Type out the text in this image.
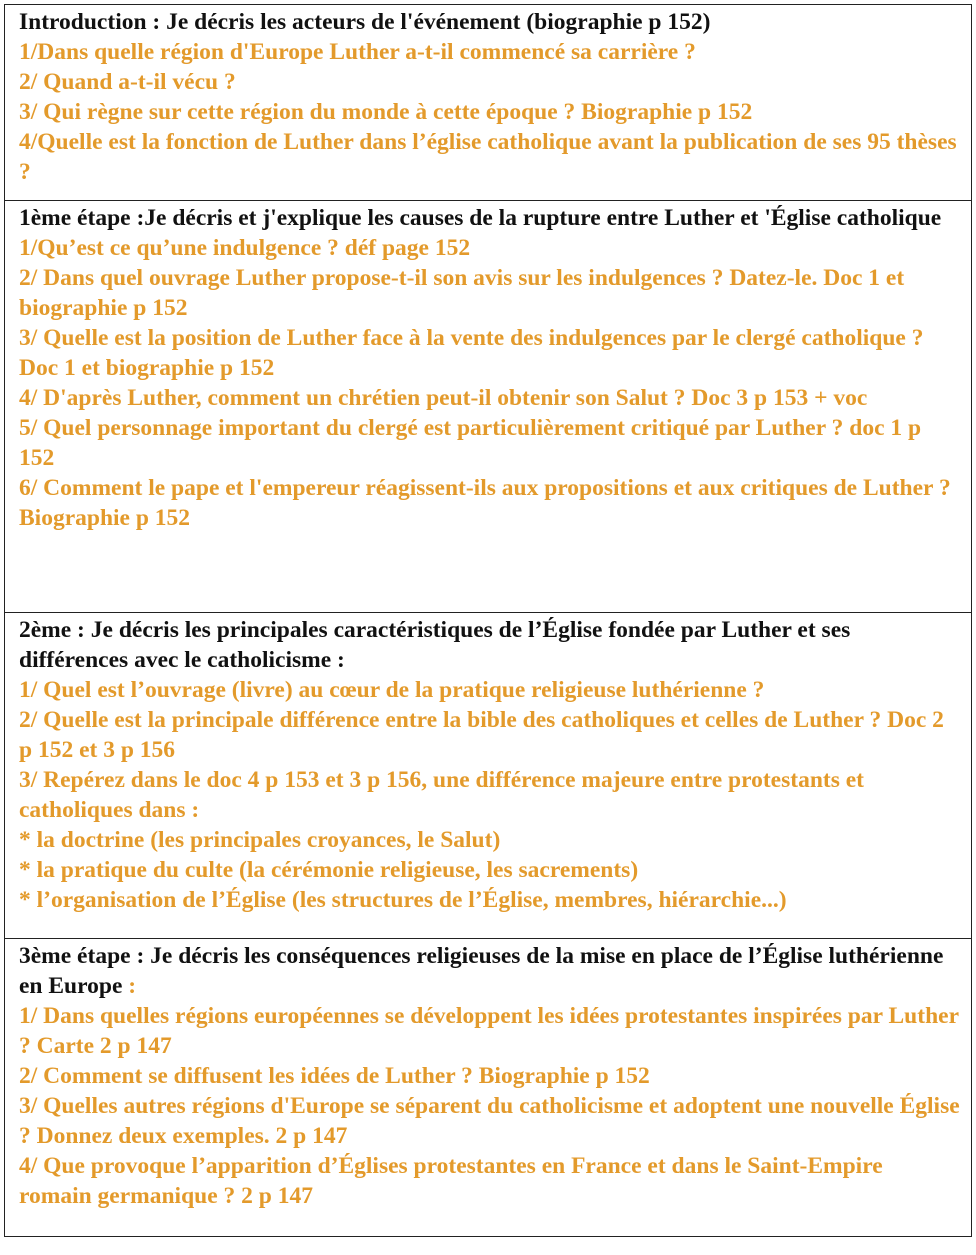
Introduction : Je décris les acteurs de l'événement (biographie p 152)
1/Dans quelle région d'Europe Luther a-t-il commencé sa carrière ?
2/ Quand a-t-il vécu ?
3/ Qui règne sur cette région du monde à cette époque ? Biographie p 152
4/Quelle est la fonction de Luther dans l’église catholique avant la publication de ses 95 thèses ?
1ème étape :Je décris et j'explique les causes de la rupture entre Luther et 'Église catholique
1/Qu’est ce qu’une indulgence ? déf page 152
2/ Dans quel ouvrage Luther propose-t-il son avis sur les indulgences ? Datez-le. Doc 1 et biographie p 152
3/ Quelle est la position de Luther face à la vente des indulgences par le clergé catholique ? Doc 1 et biographie p 152
4/ D'après Luther, comment un chrétien peut-il obtenir son Salut ? Doc 3 p 153 + voc
5/ Quel personnage important du clergé est particulièrement critiqué par Luther ? doc 1 p 152
6/ Comment le pape et l'empereur réagissent-ils aux propositions et aux critiques de Luther ? Biographie p 152
2ème : Je décris les principales caractéristiques de l’Église fondée par Luther et ses différences avec le catholicisme :
1/ Quel est l’ouvrage (livre) au cœur de la pratique religieuse luthérienne ?
2/ Quelle est la principale différence entre la bible des catholiques et celles de Luther ? Doc 2 p 152 et 3 p 156
3/ Repérez dans le doc 4 p 153 et 3 p 156, une différence majeure entre protestants et catholiques dans :
* la doctrine (les principales croyances, le Salut)
* la pratique du culte (la cérémonie religieuse, les sacrements)
* l’organisation de l’Église (les structures de l’Église, membres, hiérarchie...)
3ème étape : Je décris les conséquences religieuses de la mise en place de l’Église luthérienne en Europe :
1/ Dans quelles régions européennes se développent les idées protestantes inspirées par Luther ? Carte 2 p 147
2/ Comment se diffusent les idées de Luther ? Biographie p 152
3/ Quelles autres régions d'Europe se séparent du catholicisme et adoptent une nouvelle Église ? Donnez deux exemples. 2 p 147
4/ Que provoque l’apparition d’Églises protestantes en France et dans le Saint-Empire romain germanique ? 2 p 147
